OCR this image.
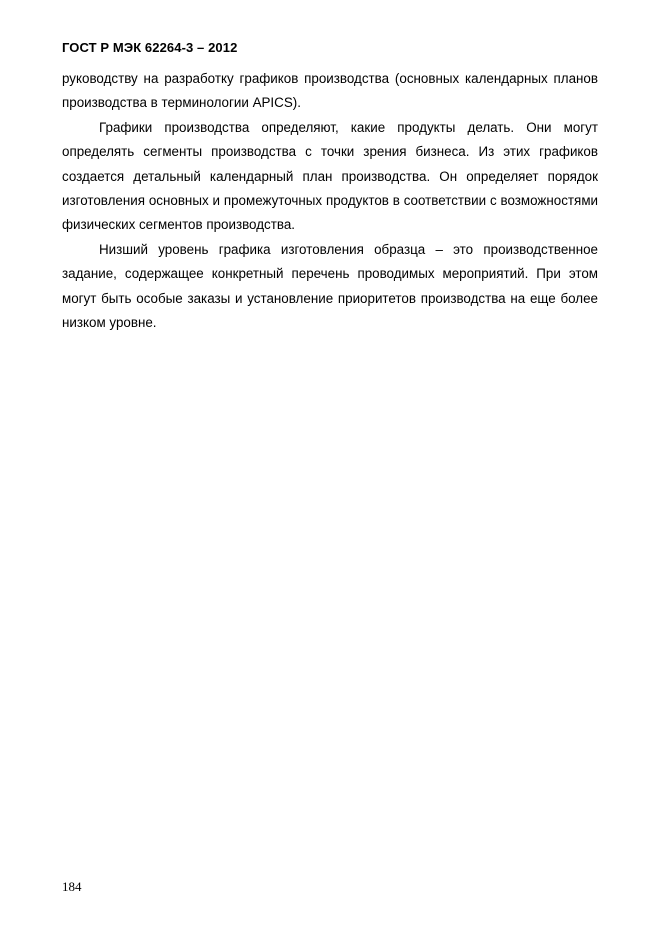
ГОСТ Р МЭК 62264-3 – 2012

руководству на разработку графиков производства (основных календарных планов производства в терминологии APICS).

Графики производства определяют, какие продукты делать. Они могут определять сегменты производства с точки зрения бизнеса. Из этих графиков создается детальный календарный план производства. Он определяет порядок изготовления основных и промежуточных продуктов в соответствии с возможностями физических сегментов производства.

Низший уровень графика изготовления образца – это производственное задание, содержащее конкретный перечень проводимых мероприятий. При этом могут быть особые заказы и установление приоритетов производства на еще более низком уровне.

184
